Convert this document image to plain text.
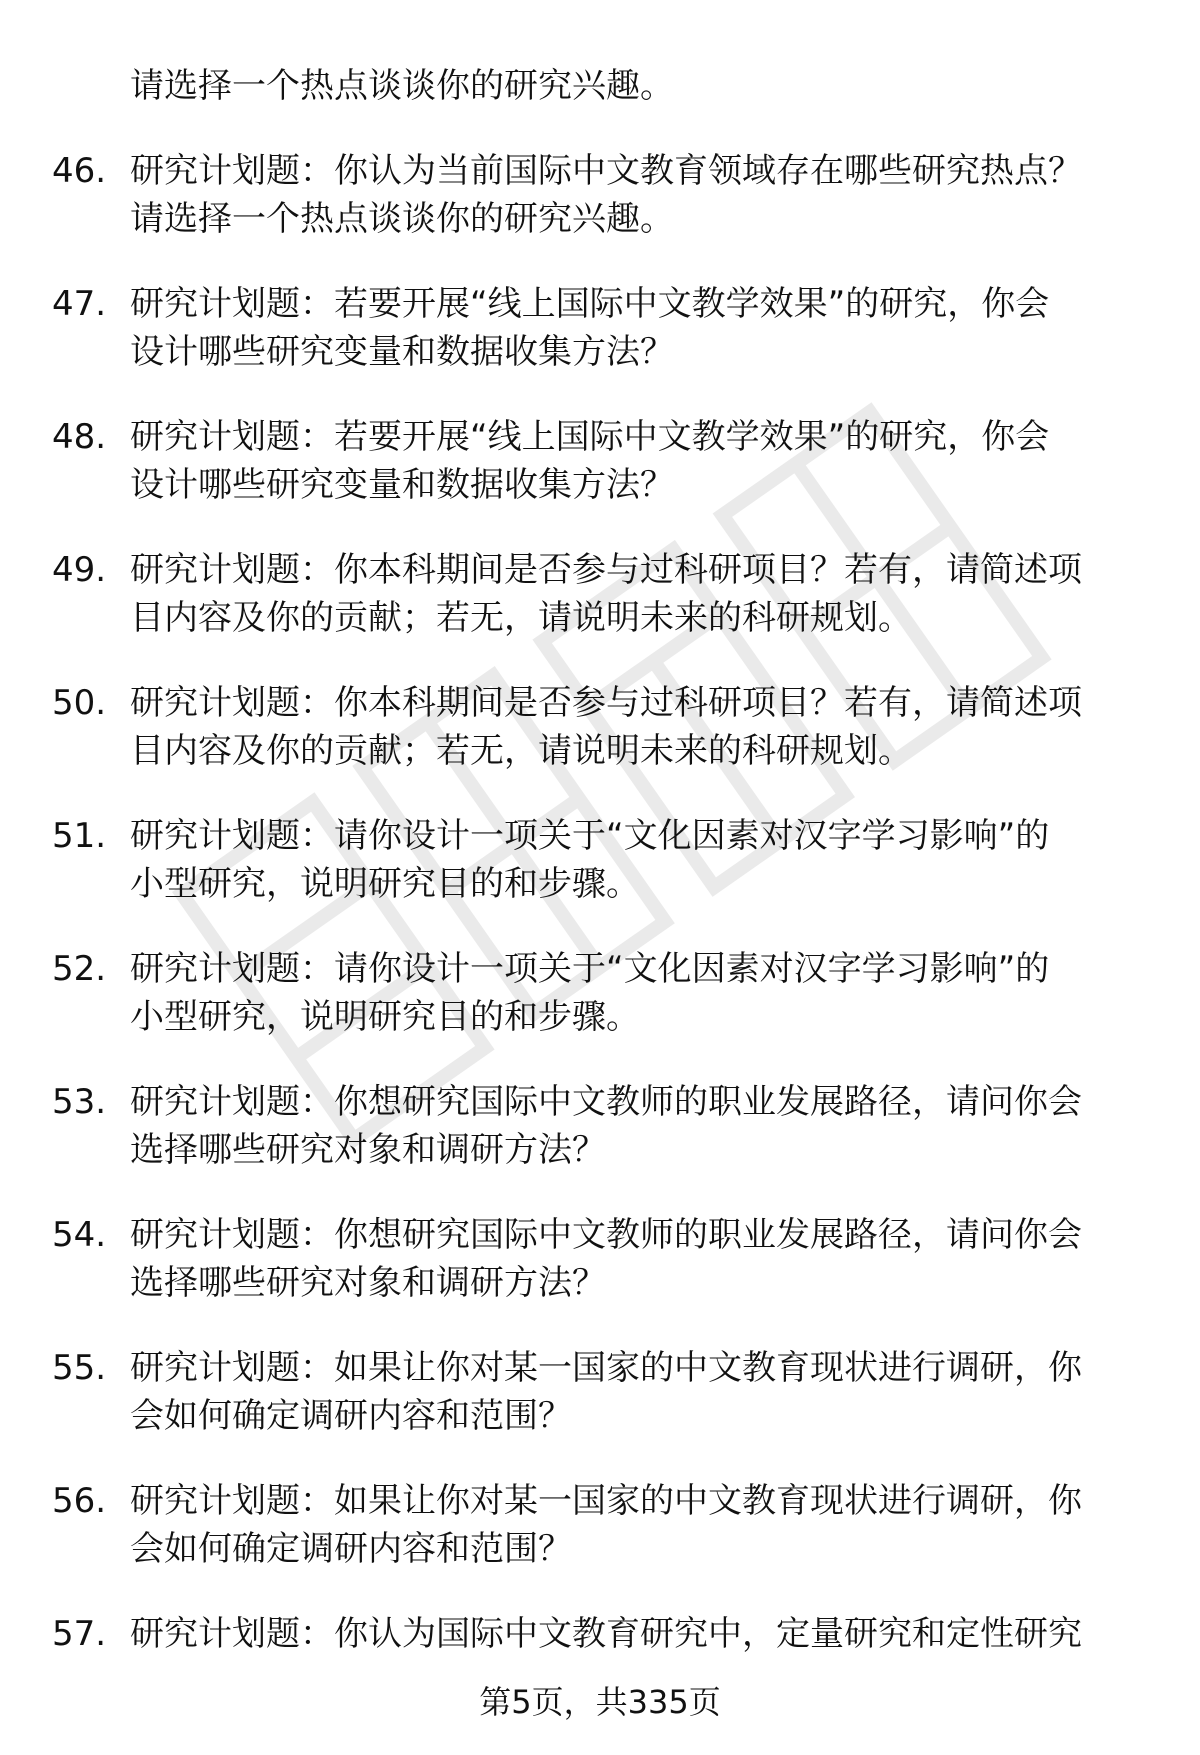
请选择一个热点谈谈你的研究兴趣。
46. 研究计划题：你认为当前国际中文教育领域存在哪些研究热点？
请选择一个热点谈谈你的研究兴趣。
47. 研究计划题：若要开展“线上国际中文教学效果”的研究，你会
设计哪些研究变量和数据收集方法？
48. 研究计划题：若要开展“线上国际中文教学效果”的研究，你会
设计哪些研究变量和数据收集方法？
49. 研究计划题：你本科期间是否参与过科研项目？若有，请简述项
目内容及你的贡献；若无，请说明未来的科研规划。
50. 研究计划题：你本科期间是否参与过科研项目？若有，请简述项
目内容及你的贡献；若无，请说明未来的科研规划。
51. 研究计划题：请你设计一项关于“文化因素对汉字学习影响”的
小型研究，说明研究目的和步骤。
52. 研究计划题：请你设计一项关于“文化因素对汉字学习影响”的
小型研究，说明研究目的和步骤。
53. 研究计划题：你想研究国际中文教师的职业发展路径，请问你会
选择哪些研究对象和调研方法？
54. 研究计划题：你想研究国际中文教师的职业发展路径，请问你会
选择哪些研究对象和调研方法？
55. 研究计划题：如果让你对某一国家的中文教育现状进行调研，你
会如何确定调研内容和范围？
56. 研究计划题：如果让你对某一国家的中文教育现状进行调研，你
会如何确定调研内容和范围？
57. 研究计划题：你认为国际中文教育研究中，定量研究和定性研究
第5页，共335页
